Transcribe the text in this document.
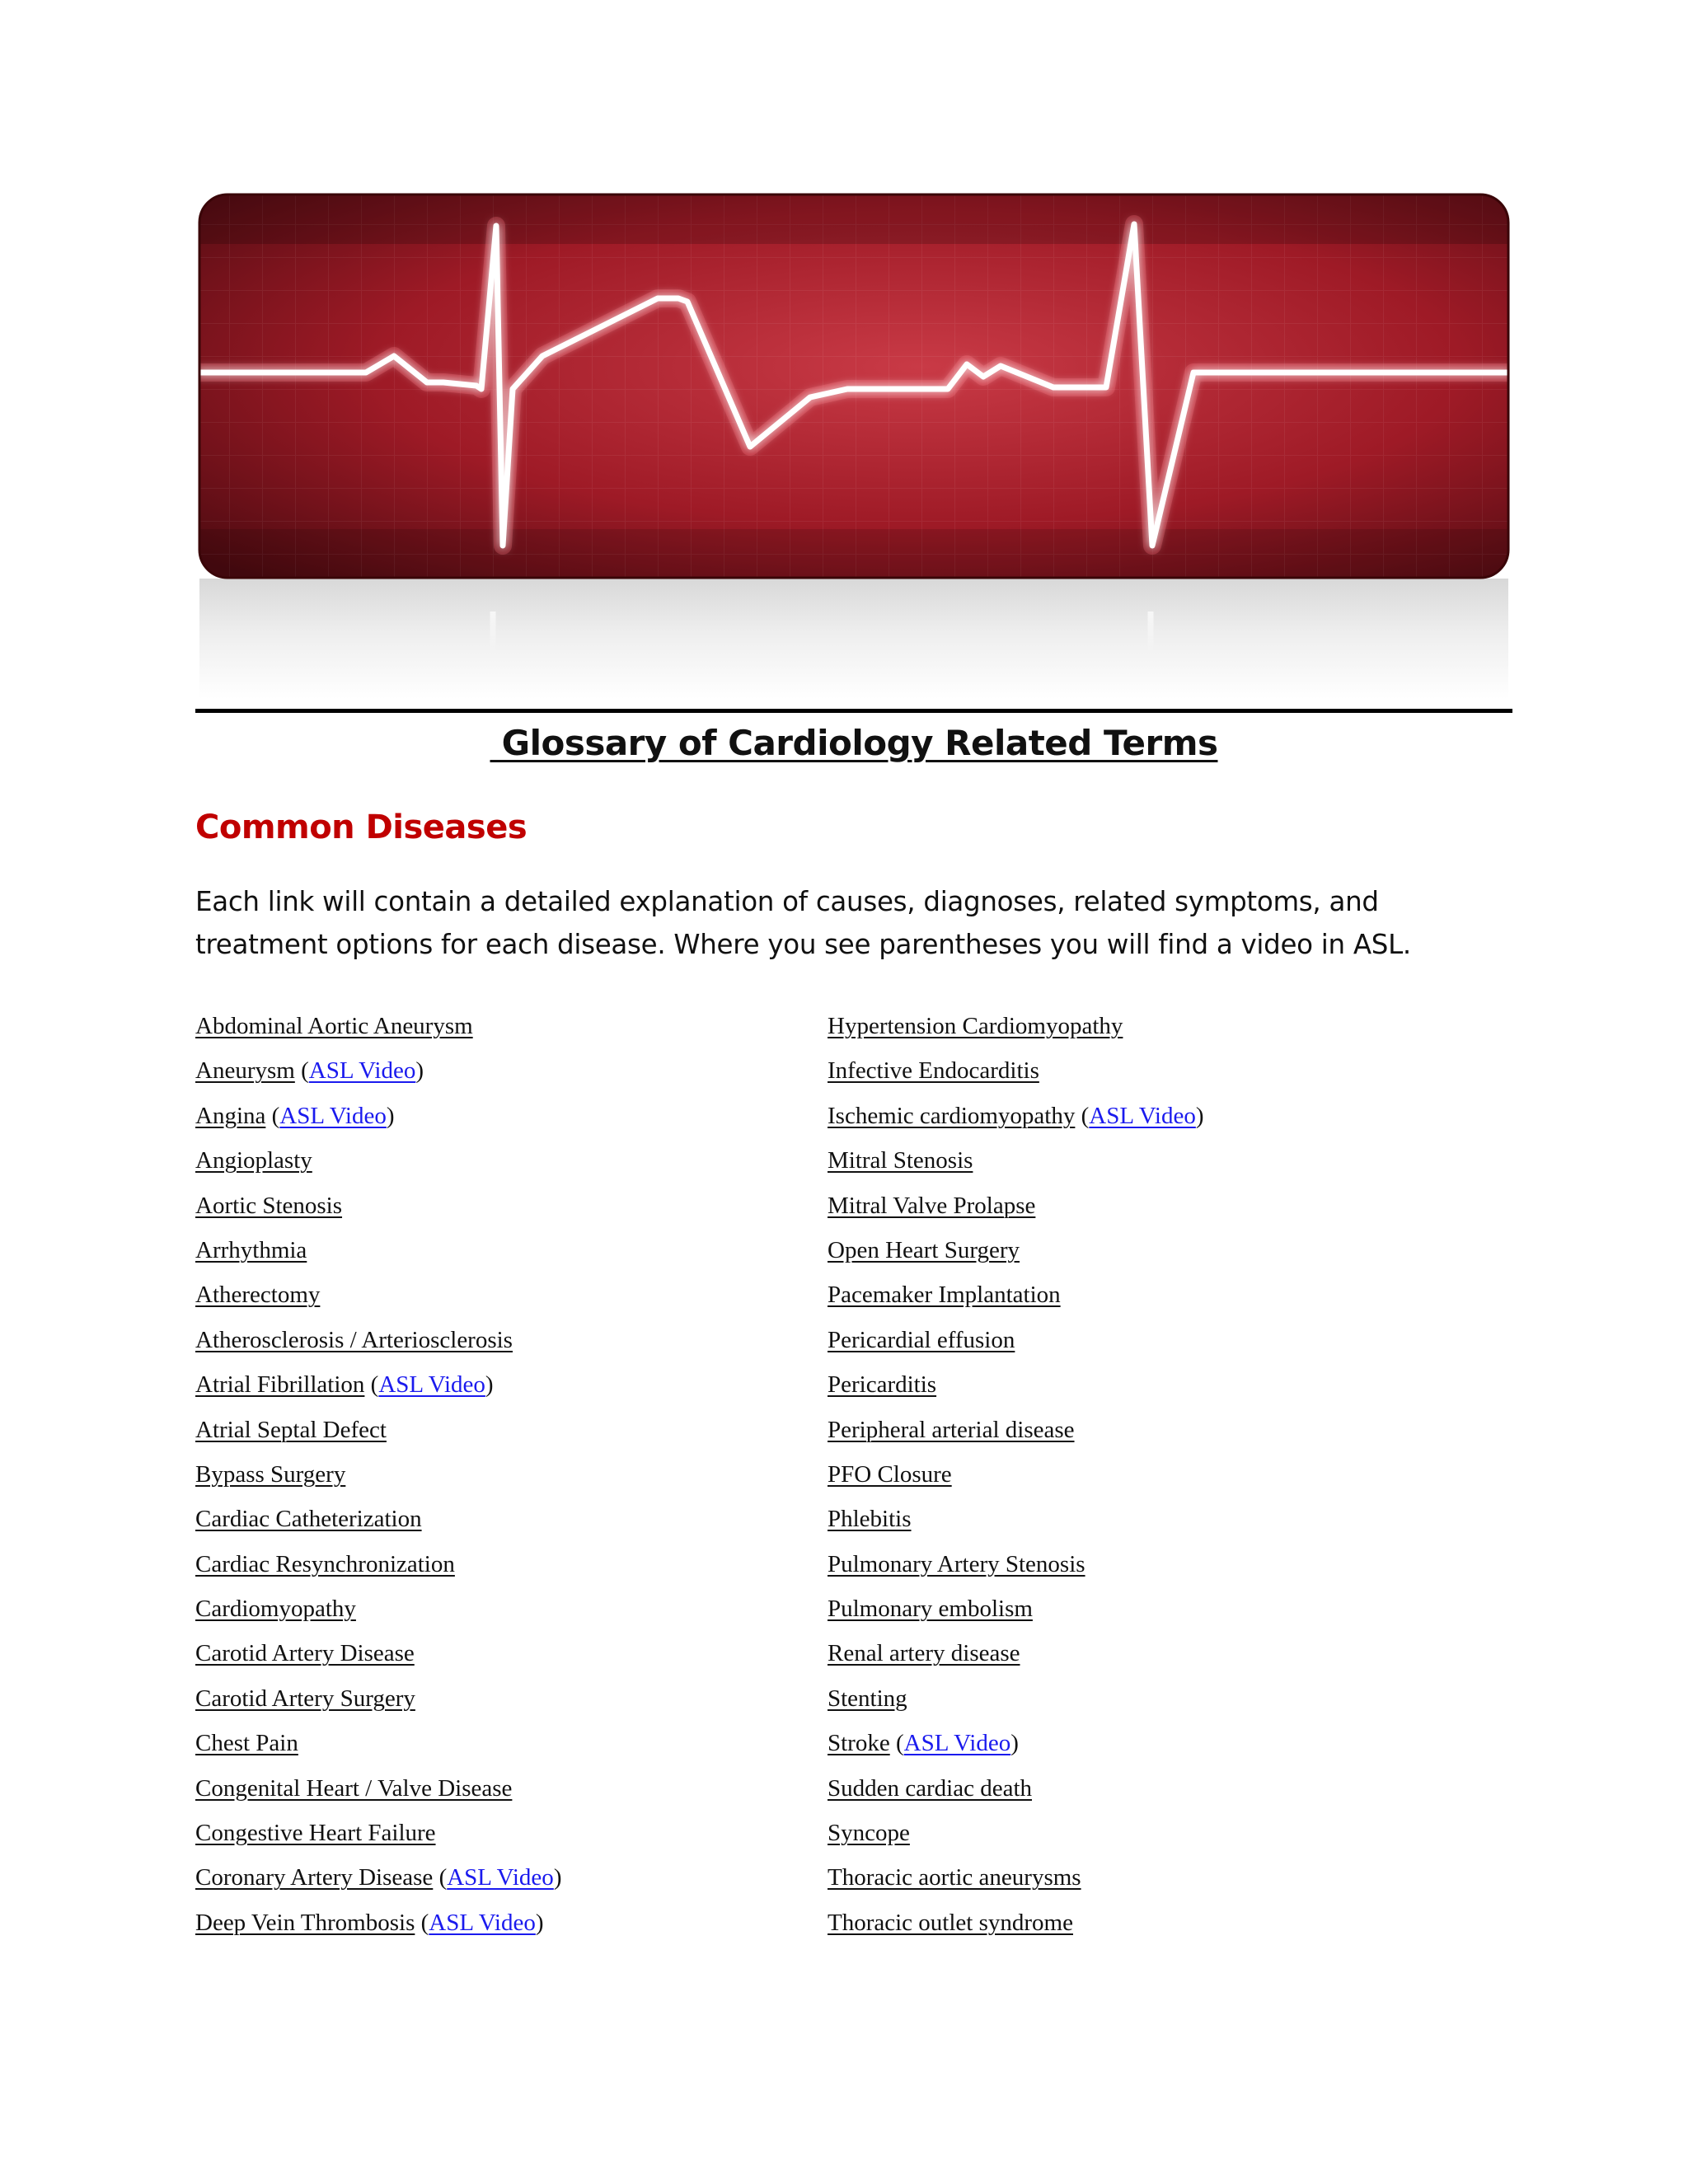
Glossary of Cardiology Related Terms
Common Diseases
Each link will contain a detailed explanation of causes, diagnoses, related symptoms, and treatment options for each disease. Where you see parentheses you will find a video in ASL.
Abdominal Aortic Aneurysm
Aneurysm (ASL Video)
Angina (ASL Video)
Angioplasty
Aortic Stenosis
Arrhythmia
Atherectomy
Atherosclerosis / Arteriosclerosis
Atrial Fibrillation (ASL Video)
Atrial Septal Defect
Bypass Surgery
Cardiac Catheterization
Cardiac Resynchronization
Cardiomyopathy
Carotid Artery Disease
Carotid Artery Surgery
Chest Pain
Congenital Heart / Valve Disease
Congestive Heart Failure
Coronary Artery Disease (ASL Video)
Deep Vein Thrombosis (ASL Video)
Hypertension Cardiomyopathy
Infective Endocarditis
Ischemic cardiomyopathy (ASL Video)
Mitral Stenosis
Mitral Valve Prolapse
Open Heart Surgery
Pacemaker Implantation
Pericardial effusion
Pericarditis
Peripheral arterial disease
PFO Closure
Phlebitis
Pulmonary Artery Stenosis
Pulmonary embolism
Renal artery disease
Stenting
Stroke (ASL Video)
Sudden cardiac death
Syncope
Thoracic aortic aneurysms
Thoracic outlet syndrome
